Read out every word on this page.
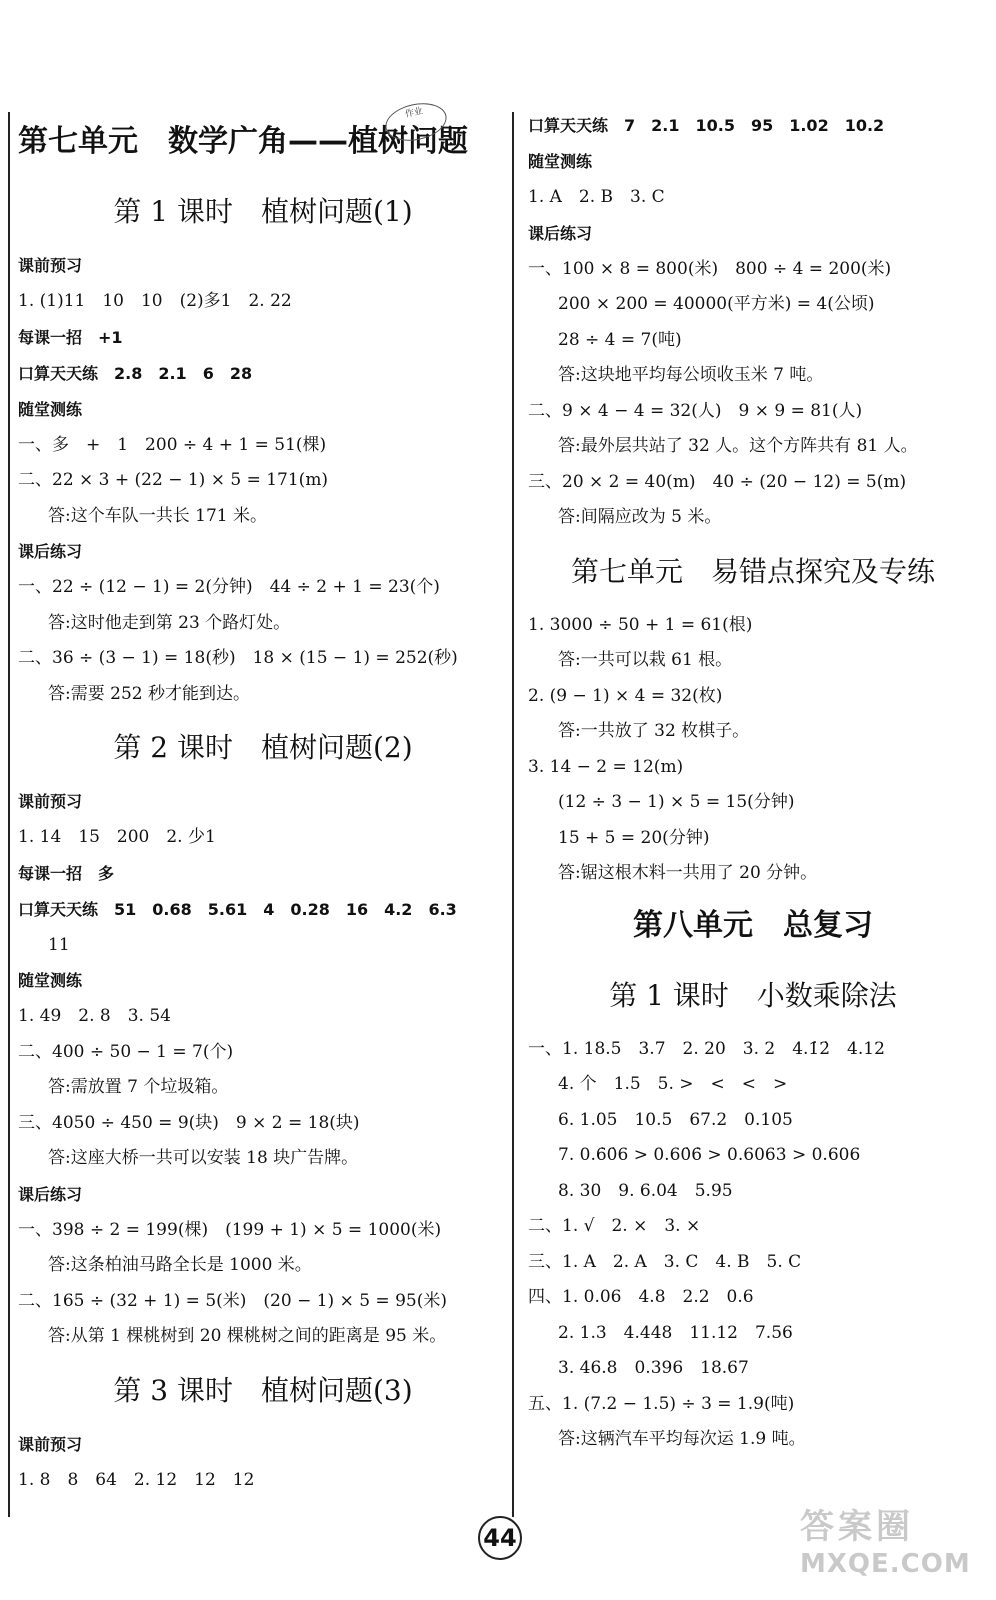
第七单元　数学广角——植树问题
第 1 课时　植树问题(1)
课前预习
1. (1)11　10　10　(2)多1　2. 22
每课一招　+1
口算天天练　2.8　2.1　6　28
随堂测练
一、多　+　1　200 ÷ 4 + 1 = 51(棵)
二、22 × 3 + (22 − 1) × 5 = 171(m)
答:这个车队一共长 171 米。
课后练习
一、22 ÷ (12 − 1) = 2(分钟)　44 ÷ 2 + 1 = 23(个)
答:这时他走到第 23 个路灯处。
二、36 ÷ (3 − 1) = 18(秒)　18 × (15 − 1) = 252(秒)
答:需要 252 秒才能到达。
第 2 课时　植树问题(2)
课前预习
1. 14　15　200　2. 少1
每课一招　多
口算天天练　51　0.68　5.61　4　0.28　16　4.2　6.3
11
随堂测练
1. 49　2. 8　3. 54
二、400 ÷ 50 − 1 = 7(个)
答:需放置 7 个垃圾箱。
三、4050 ÷ 450 = 9(块)　9 × 2 = 18(块)
答:这座大桥一共可以安装 18 块广告牌。
课后练习
一、398 ÷ 2 = 199(棵)　(199 + 1) × 5 = 1000(米)
答:这条柏油马路全长是 1000 米。
二、165 ÷ (32 + 1) = 5(米)　(20 − 1) × 5 = 95(米)
答:从第 1 棵桃树到 20 棵桃树之间的距离是 95 米。
第 3 课时　植树问题(3)
课前预习
1. 8　8　64　2. 12　12　12
作业
口算天天练　7　2.1　10.5　95　1.02　10.2
随堂测练
1. A　2. B　3. C
课后练习
一、100 × 8 = 800(米)　800 ÷ 4 = 200(米)
200 × 200 = 40000(平方米) = 4(公顷)
28 ÷ 4 = 7(吨)
答:这块地平均每公顷收玉米 7 吨。
二、9 × 4 − 4 = 32(人)　9 × 9 = 81(人)
答:最外层共站了 32 人。这个方阵共有 81 人。
三、20 × 2 = 40(m)　40 ÷ (20 − 12) = 5(m)
答:间隔应改为 5 米。
第七单元　易错点探究及专练
1. 3000 ÷ 50 + 1 = 61(根)
答:一共可以栽 61 根。
2. (9 − 1) × 4 = 32(枚)
答:一共放了 32 枚棋子。
3. 14 − 2 = 12(m)
(12 ÷ 3 − 1) × 5 = 15(分钟)
15 + 5 = 20(分钟)
答:锯这根木料一共用了 20 分钟。
第八单元　总复习
第 1 课时　小数乘除法
一、1. 18.5　3.7　2. 20　3. 2　4.1̇2̇　4.12
4. 个　1.5　5. >　<　<　>
6. 1.05　10.5　67.2　0.105
7. 0.6̇0̇6 > 0.60̇6̇ > 0.6063 > 0.606
8. 30　9. 6.04　5.95
二、1. √　2. ×　3. ×
三、1. A　2. A　3. C　4. B　5. C
四、1. 0.06　4.8　2.2　0.6
2. 1.3　4.448　11.12　7.56
3. 46.8　0.396　18.67
五、1. (7.2 − 1.5) ÷ 3 = 1.9(吨)
答:这辆汽车平均每次运 1.9 吨。
44	答案圈
MXQE.COM
